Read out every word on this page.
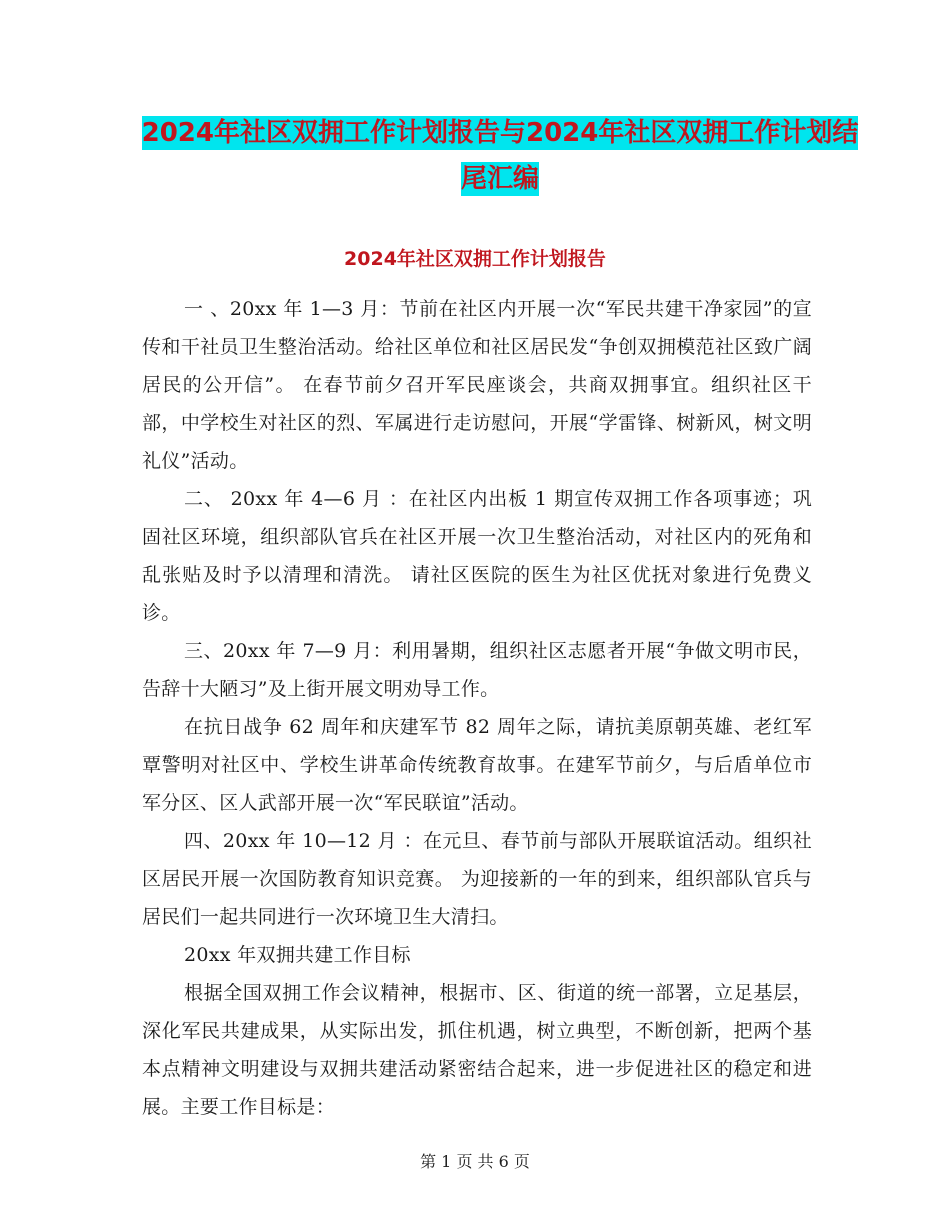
2024年社区双拥工作计划报告与2024年社区双拥工作计划结尾汇编
2024年社区双拥工作计划报告

一 、20xx 年 1—3 月：节前在社区内开展一次“军民共建干净家园”的宣传和干社员卫生整治活动。给社区单位和社区居民发“争创双拥模范社区致广阔居民的公开信”。 在春节前夕召开军民座谈会，共商双拥事宜。组织社区干部，中学校生对社区的烈、军属进行走访慰问，开展“学雷锋、树新风，树文明礼仪”活动。

二、 20xx 年 4—6 月 ：在社区内出板 1 期宣传双拥工作各项事迹；巩固社区环境，组织部队官兵在社区开展一次卫生整治活动，对社区内的死角和乱张贴及时予以清理和清洗。 请社区医院的医生为社区优抚对象进行免费义诊。

三、20xx 年 7—9 月：利用暑期，组织社区志愿者开展“争做文明市民，告辞十大陋习”及上街开展文明劝导工作。

在抗日战争 62 周年和庆建军节 82 周年之际，请抗美原朝英雄、老红军覃警明对社区中、学校生讲革命传统教育故事。在建军节前夕，与后盾单位市军分区、区人武部开展一次“军民联谊”活动。

四、20xx 年 10—12 月 ：在元旦、春节前与部队开展联谊活动。组织社区居民开展一次国防教育知识竞赛。 为迎接新的一年的到来，组织部队官兵与居民们一起共同进行一次环境卫生大清扫。

20xx 年双拥共建工作目标

根据全国双拥工作会议精神，根据市、区、街道的统一部署，立足基层，深化军民共建成果，从实际出发，抓住机遇，树立典型，不断创新，把两个基本点精神文明建设与双拥共建活动紧密结合起来，进一步促进社区的稳定和进展。主要工作目标是：

第 1 页 共 6 页
